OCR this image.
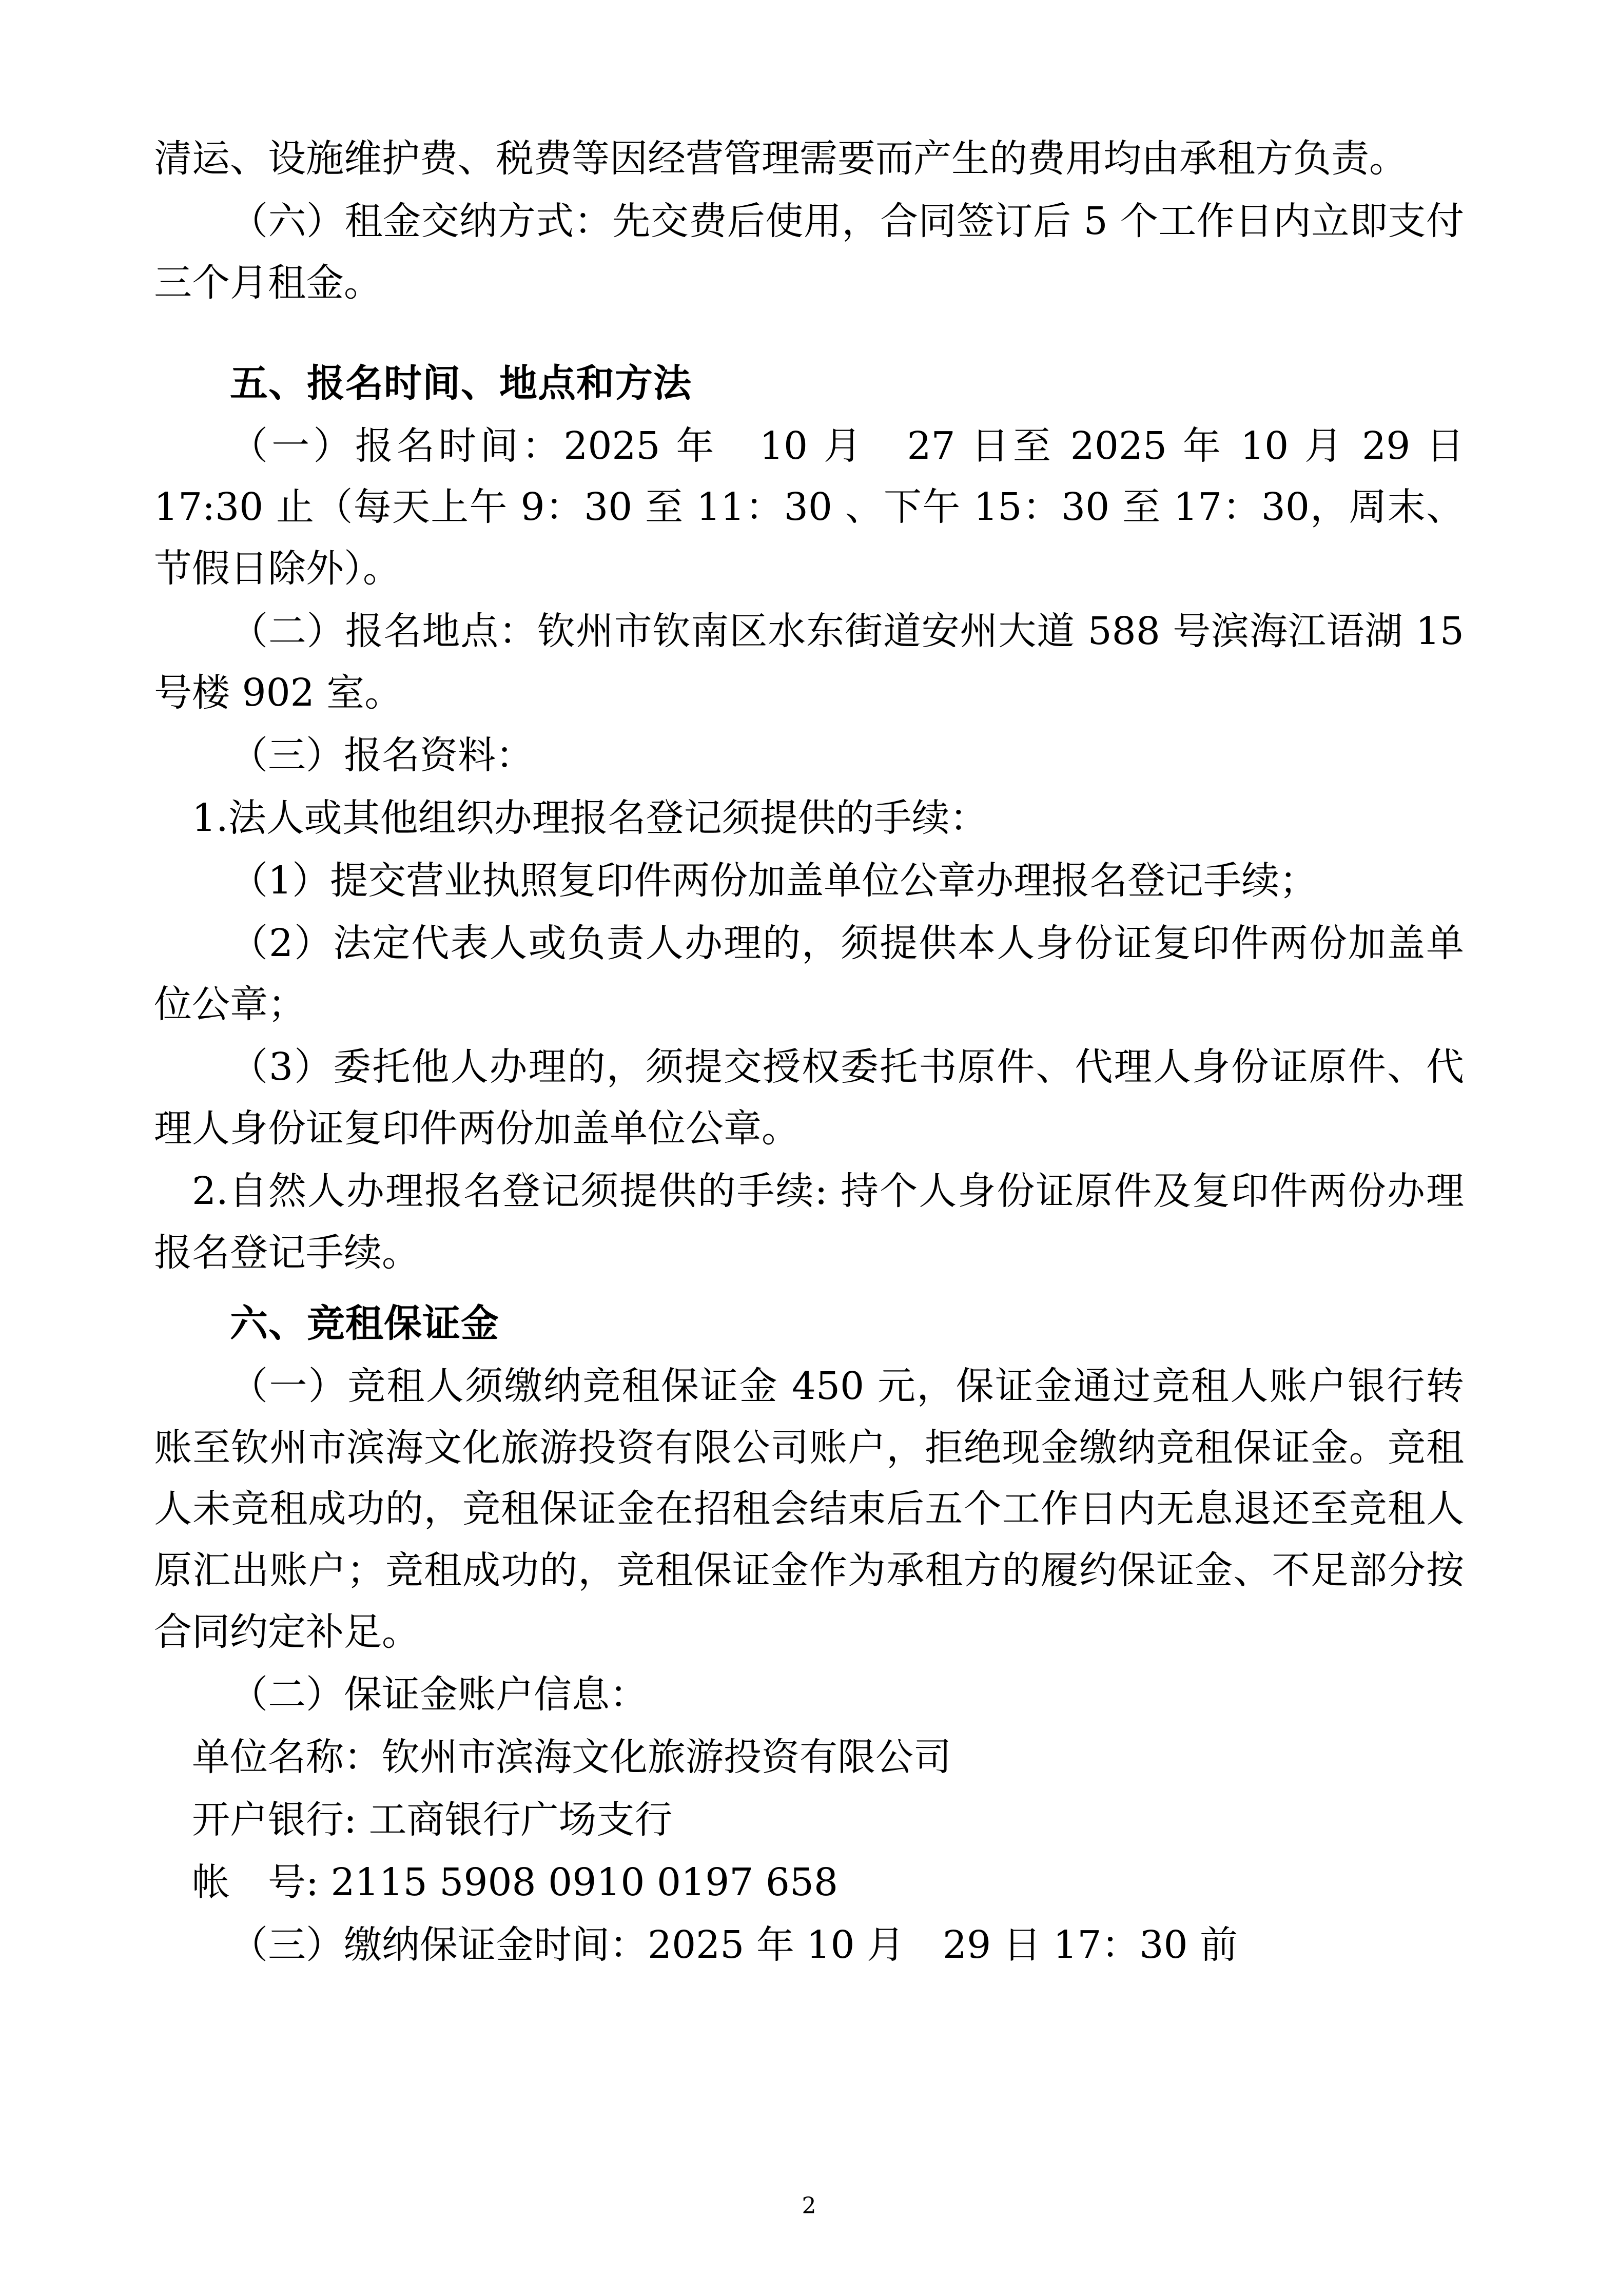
清运、设施维护费、税费等因经营管理需要而产生的费用均由承租方负责。

（六）租金交纳方式：先交费后使用，合同签订后 5 个工作日内立即支付三个月租金。

五、报名时间、地点和方法

（一）报名时间：2025 年　10 月　27 日至 2025 年 10 月 29 日 17:30 止（每天上午 9：30 至 11：30 、下午 15：30 至 17：30，周末、节假日除外）。

（二）报名地点：钦州市钦南区水东街道安州大道 588 号滨海江语湖 15 号楼 902 室。

（三）报名资料：

1.法人或其他组织办理报名登记须提供的手续：

（1）提交营业执照复印件两份加盖单位公章办理报名登记手续；

（2）法定代表人或负责人办理的，须提供本人身份证复印件两份加盖单位公章；

（3）委托他人办理的，须提交授权委托书原件、代理人身份证原件、代理人身份证复印件两份加盖单位公章。

2.自然人办理报名登记须提供的手续: 持个人身份证原件及复印件两份办理报名登记手续。

六、竞租保证金

（一）竞租人须缴纳竞租保证金 450 元，保证金通过竞租人账户银行转账至钦州市滨海文化旅游投资有限公司账户，拒绝现金缴纳竞租保证金。竞租人未竞租成功的，竞租保证金在招租会结束后五个工作日内无息退还至竞租人原汇出账户；竞租成功的，竞租保证金作为承租方的履约保证金、不足部分按合同约定补足。

（二）保证金账户信息：

单位名称：钦州市滨海文化旅游投资有限公司

开户银行: 工商银行广场支行

帐　号: 2115 5908 0910 0197 658

（三）缴纳保证金时间：2025 年 10 月　29 日 17：30 前

2
